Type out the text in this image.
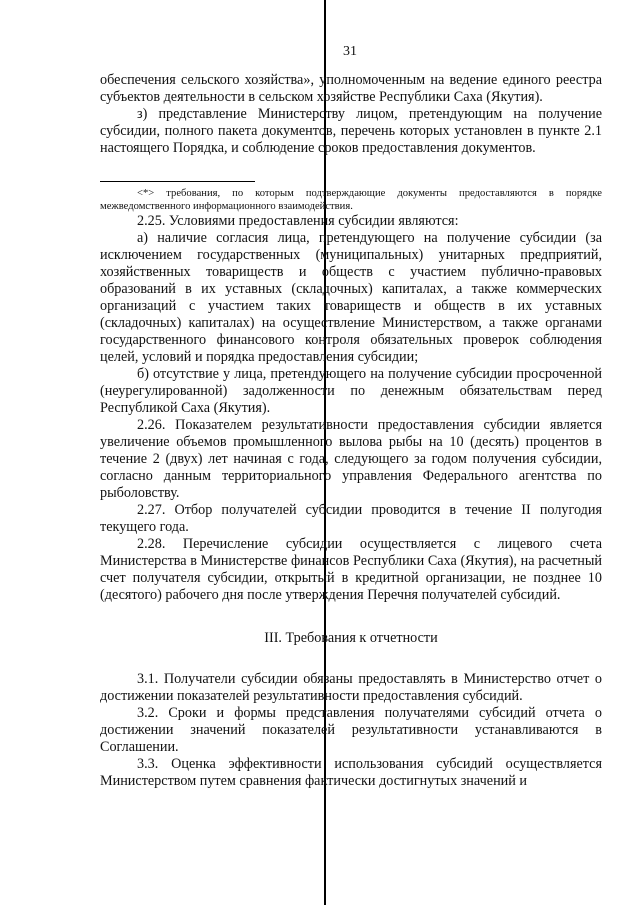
31

обеспечения сельского хозяйства», уполномоченным на ведение единого реестра субъектов деятельности в сельском хозяйстве Республики Саха (Якутия).

з) представление Министерству лицом, претендующим на получение субсидии, полного пакета документов, перечень которых установлен в пункте 2.1 настоящего Порядка, и соблюдение сроков предоставления документов.

<*> требования, по которым подтверждающие документы предоставляются в порядке межведомственного информационного взаимодействия.

2.25. Условиями предоставления субсидии являются:

а) наличие согласия лица, претендующего на получение субсидии (за исключением государственных (муниципальных) унитарных предприятий, хозяйственных товариществ и обществ с участием публично-правовых образований в их уставных (складочных) капиталах, а также коммерческих организаций с участием таких товариществ и обществ в их уставных (складочных) капиталах) на осуществление Министерством, а также органами государственного финансового контроля обязательных проверок соблюдения целей, условий и порядка предоставления субсидии;

б) отсутствие у лица, претендующего на получение субсидии просроченной (неурегулированной) задолженности по денежным обязательствам перед Республикой Саха (Якутия).

2.26. Показателем результативности предоставления субсидии является увеличение объемов промышленного вылова рыбы на 10 (десять) процентов в течение 2 (двух) лет начиная с года, следующего за годом получения субсидии, согласно данным территориального управления Федерального агентства по рыболовству.

2.27. Отбор получателей субсидии проводится в течение II полугодия текущего года.

2.28. Перечисление субсидии осуществляется с лицевого счета Министерства в Министерстве финансов Республики Саха (Якутия), на расчетный счет получателя субсидии, открытый в кредитной организации, не позднее 10 (десятого) рабочего дня после утверждения Перечня получателей субсидий.

III. Требования к отчетности

3.1. Получатели субсидии обязаны предоставлять в Министерство отчет о достижении показателей результативности предоставления субсидий.

3.2. Сроки и формы представления получателями субсидий отчета о достижении значений показателей результативности устанавливаются в Соглашении.

3.3. Оценка эффективности использования субсидий осуществляется Министерством путем сравнения фактически достигнутых значений и
